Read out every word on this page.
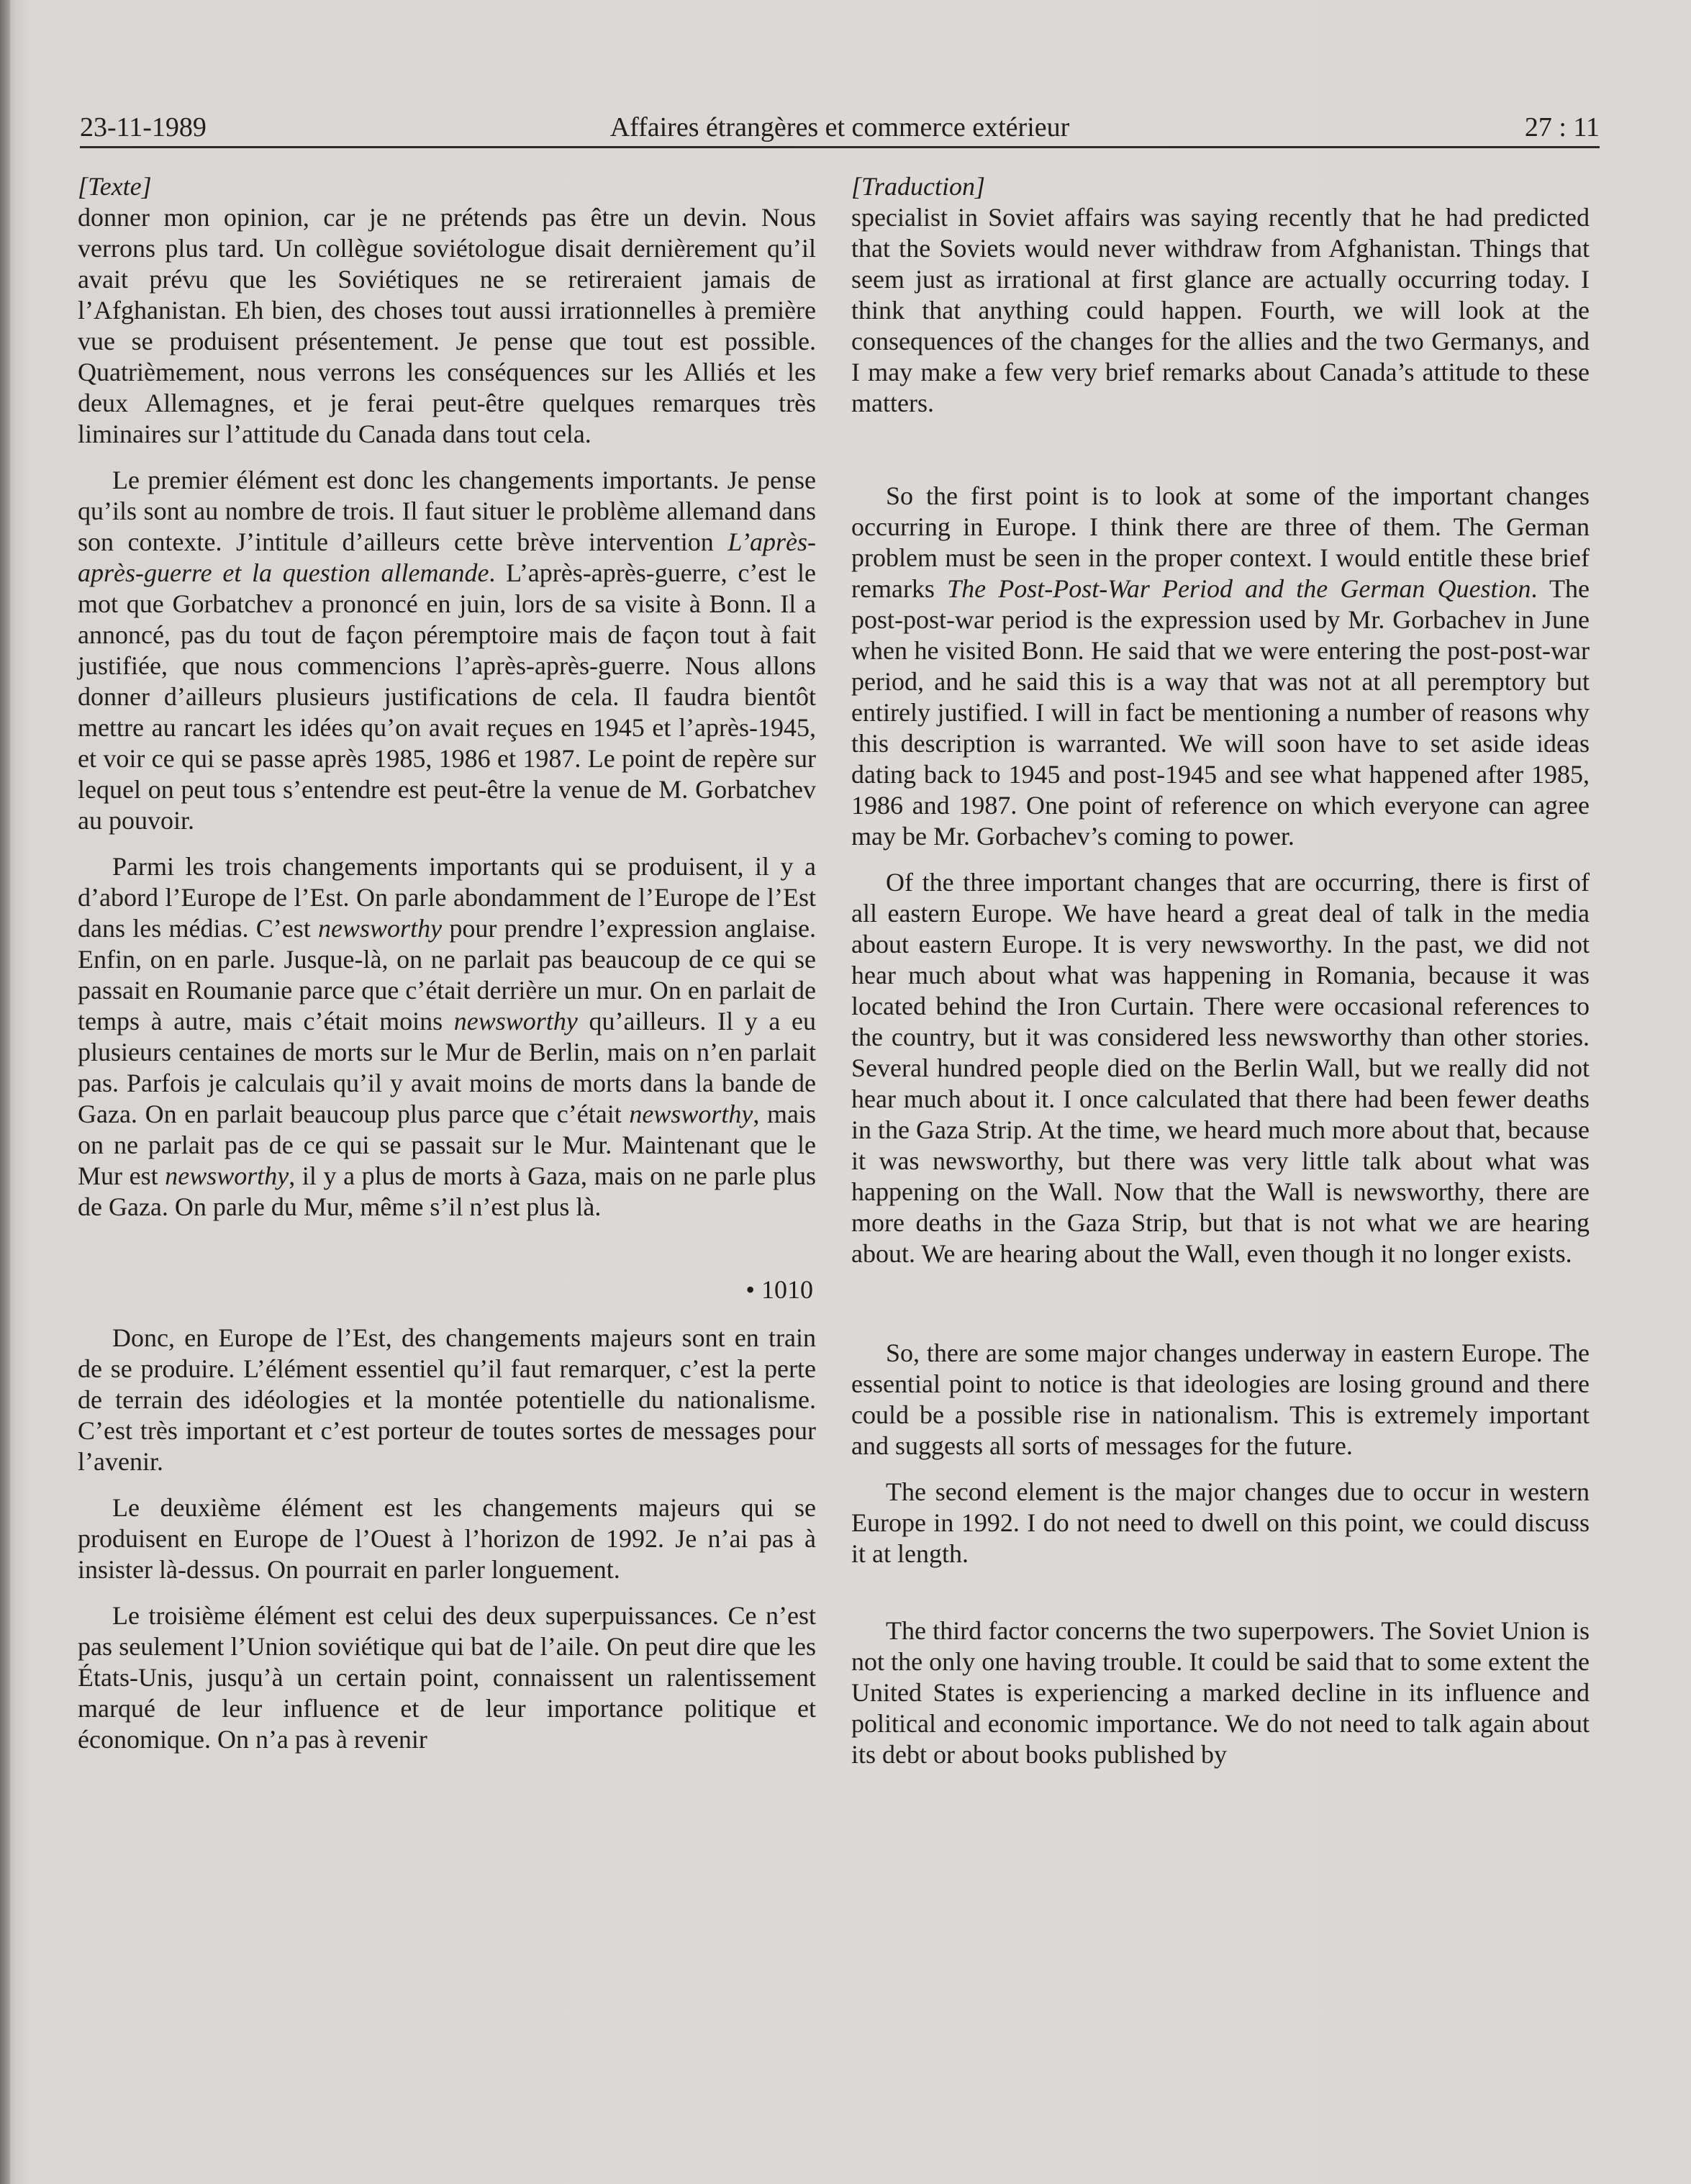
23-11-1989	Affaires étrangères et commerce extérieur	27 : 11
[Texte]

donner mon opinion, car je ne prétends pas être un devin. Nous verrons plus tard. Un collègue soviétologue disait dernièrement qu’il avait prévu que les Soviétiques ne se retireraient jamais de l’Afghanistan. Eh bien, des choses tout aussi irrationnelles à première vue se produisent présentement. Je pense que tout est possible. Quatrièmement, nous verrons les conséquences sur les Alliés et les deux Allemagnes, et je ferai peut-être quelques remarques très liminaires sur l’attitude du Canada dans tout cela.

Le premier élément est donc les changements importants. Je pense qu’ils sont au nombre de trois. Il faut situer le problème allemand dans son contexte. J’intitule d’ailleurs cette brève intervention L’après-après-guerre et la question allemande. L’après-après-guerre, c’est le mot que Gorbatchev a prononcé en juin, lors de sa visite à Bonn. Il a annoncé, pas du tout de façon péremptoire mais de façon tout à fait justifiée, que nous commencions l’après-après-guerre. Nous allons donner d’ailleurs plusieurs justifications de cela. Il faudra bientôt mettre au rancart les idées qu’on avait reçues en 1945 et l’après-1945, et voir ce qui se passe après 1985, 1986 et 1987. Le point de repère sur lequel on peut tous s’entendre est peut-être la venue de M. Gorbatchev au pouvoir.

Parmi les trois changements importants qui se produisent, il y a d’abord l’Europe de l’Est. On parle abondamment de l’Europe de l’Est dans les médias. C’est newsworthy pour prendre l’expression anglaise. Enfin, on en parle. Jusque-là, on ne parlait pas beaucoup de ce qui se passait en Roumanie parce que c’était derrière un mur. On en parlait de temps à autre, mais c’était moins newsworthy qu’ailleurs. Il y a eu plusieurs centaines de morts sur le Mur de Berlin, mais on n’en parlait pas. Parfois je calculais qu’il y avait moins de morts dans la bande de Gaza. On en parlait beaucoup plus parce que c’était newsworthy, mais on ne parlait pas de ce qui se passait sur le Mur. Maintenant que le Mur est newsworthy, il y a plus de morts à Gaza, mais on ne parle plus de Gaza. On parle du Mur, même s’il n’est plus là.

• 1010

Donc, en Europe de l’Est, des changements majeurs sont en train de se produire. L’élément essentiel qu’il faut remarquer, c’est la perte de terrain des idéologies et la montée potentielle du nationalisme. C’est très important et c’est porteur de toutes sortes de messages pour l’avenir.

Le deuxième élément est les changements majeurs qui se produisent en Europe de l’Ouest à l’horizon de 1992. Je n’ai pas à insister là-dessus. On pourrait en parler longuement.

Le troisième élément est celui des deux superpuissances. Ce n’est pas seulement l’Union soviétique qui bat de l’aile. On peut dire que les États-Unis, jusqu’à un certain point, connaissent un ralentissement marqué de leur influence et de leur importance politique et économique. On n’a pas à revenir

[Traduction]

specialist in Soviet affairs was saying recently that he had predicted that the Soviets would never withdraw from Afghanistan. Things that seem just as irrational at first glance are actually occurring today. I think that anything could happen. Fourth, we will look at the consequences of the changes for the allies and the two Germanys, and I may make a few very brief remarks about Canada’s attitude to these matters.

So the first point is to look at some of the important changes occurring in Europe. I think there are three of them. The German problem must be seen in the proper context. I would entitle these brief remarks The Post-Post-War Period and the German Question. The post-post-war period is the expression used by Mr. Gorbachev in June when he visited Bonn. He said that we were entering the post-post-war period, and he said this is a way that was not at all peremptory but entirely justified. I will in fact be mentioning a number of reasons why this description is warranted. We will soon have to set aside ideas dating back to 1945 and post-1945 and see what happened after 1985, 1986 and 1987. One point of reference on which everyone can agree may be Mr. Gorbachev’s coming to power.

Of the three important changes that are occurring, there is first of all eastern Europe. We have heard a great deal of talk in the media about eastern Europe. It is very newsworthy. In the past, we did not hear much about what was happening in Romania, because it was located behind the Iron Curtain. There were occasional references to the country, but it was considered less newsworthy than other stories. Several hundred people died on the Berlin Wall, but we really did not hear much about it. I once calculated that there had been fewer deaths in the Gaza Strip. At the time, we heard much more about that, because it was newsworthy, but there was very little talk about what was happening on the Wall. Now that the Wall is newsworthy, there are more deaths in the Gaza Strip, but that is not what we are hearing about. We are hearing about the Wall, even though it no longer exists.

So, there are some major changes underway in eastern Europe. The essential point to notice is that ideologies are losing ground and there could be a possible rise in nationalism. This is extremely important and suggests all sorts of messages for the future.

The second element is the major changes due to occur in western Europe in 1992. I do not need to dwell on this point, we could discuss it at length.

The third factor concerns the two superpowers. The Soviet Union is not the only one having trouble. It could be said that to some extent the United States is experiencing a marked decline in its influence and political and economic importance. We do not need to talk again about its debt or about books published by
